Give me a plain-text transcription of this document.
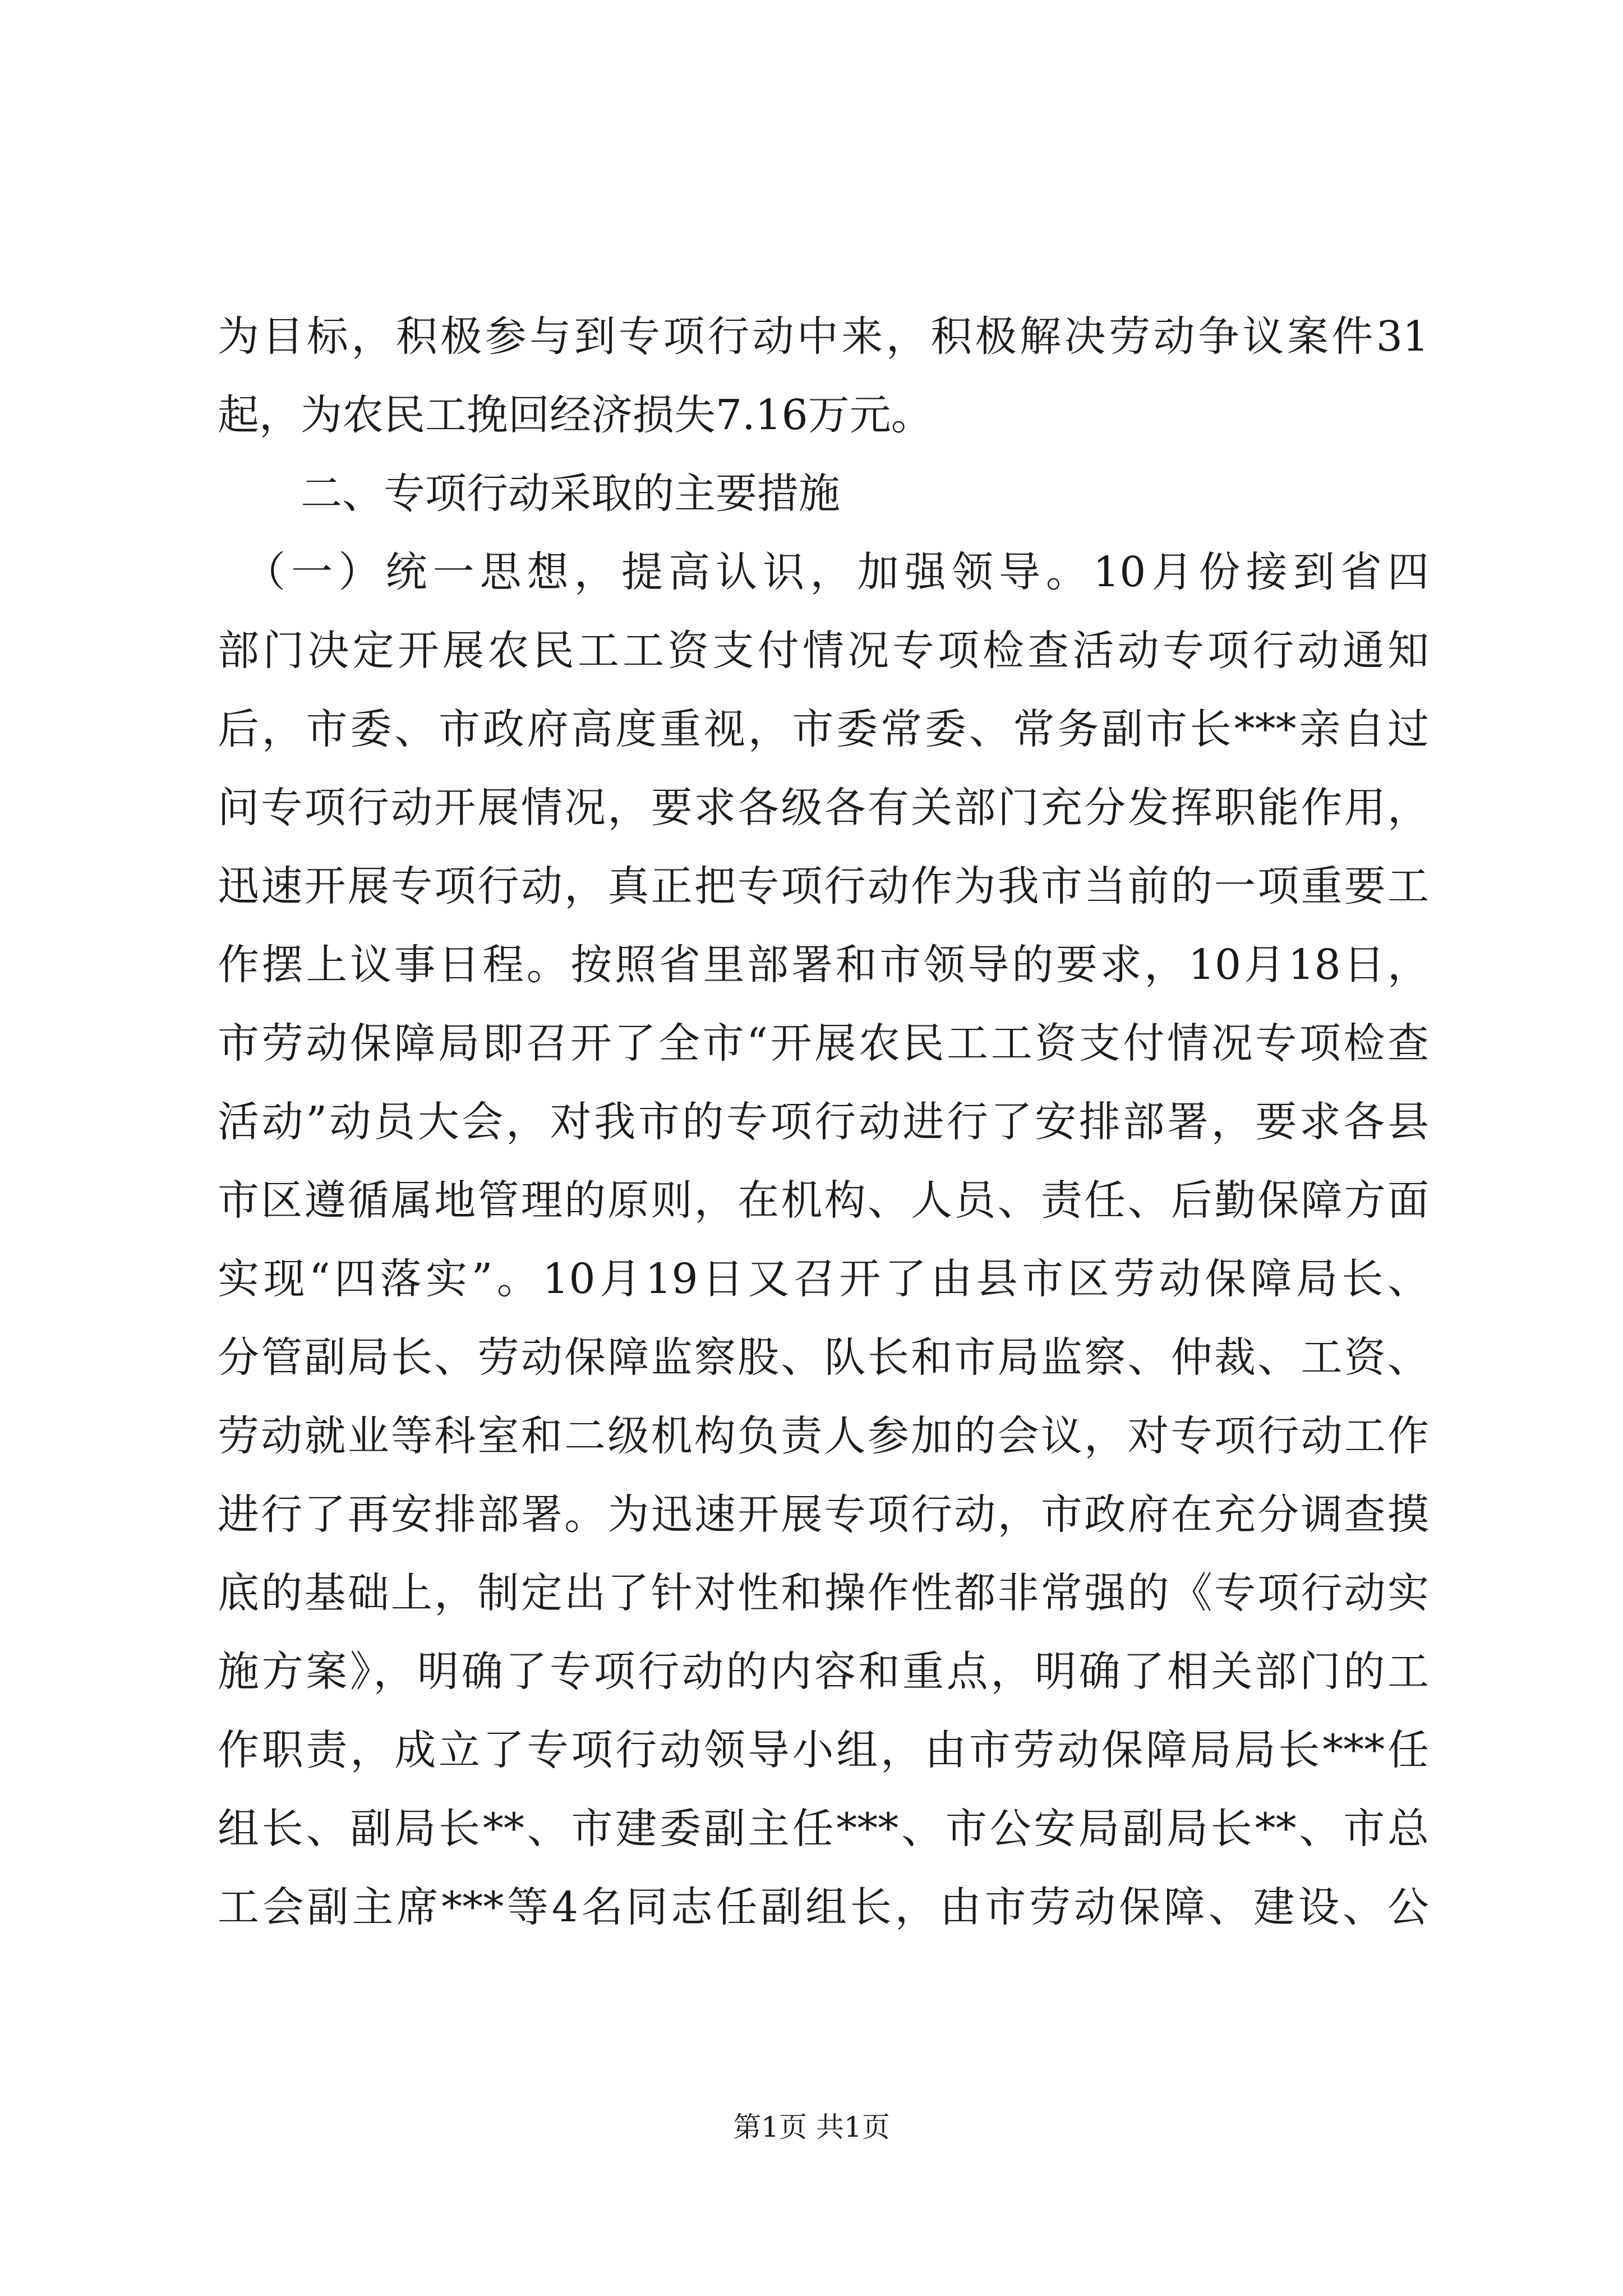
为目标，积极参与到专项行动中来，积极解决劳动争议案件31
起，为农民工挽回经济损失7.16万元。
　　二、专项行动采取的主要措施
　（一）统一思想，提高认识，加强领导。10月份接到省四
部门决定开展农民工工资支付情况专项检查活动专项行动通知
后，市委、市政府高度重视，市委常委、常务副市长***亲自过
问专项行动开展情况，要求各级各有关部门充分发挥职能作用，
迅速开展专项行动，真正把专项行动作为我市当前的一项重要工
作摆上议事日程。按照省里部署和市领导的要求，10月18日，
市劳动保障局即召开了全市“开展农民工工资支付情况专项检查
活动”动员大会，对我市的专项行动进行了安排部署，要求各县
市区遵循属地管理的原则，在机构、人员、责任、后勤保障方面
实现“四落实”。10月19日又召开了由县市区劳动保障局长、
分管副局长、劳动保障监察股、队长和市局监察、仲裁、工资、
劳动就业等科室和二级机构负责人参加的会议，对专项行动工作
进行了再安排部署。为迅速开展专项行动，市政府在充分调查摸
底的基础上，制定出了针对性和操作性都非常强的《专项行动实
施方案》，明确了专项行动的内容和重点，明确了相关部门的工
作职责，成立了专项行动领导小组，由市劳动保障局局长***任
组长、副局长**、市建委副主任***、市公安局副局长**、市总
工会副主席***等4名同志任副组长，由市劳动保障、建设、公
第1页 共1页
